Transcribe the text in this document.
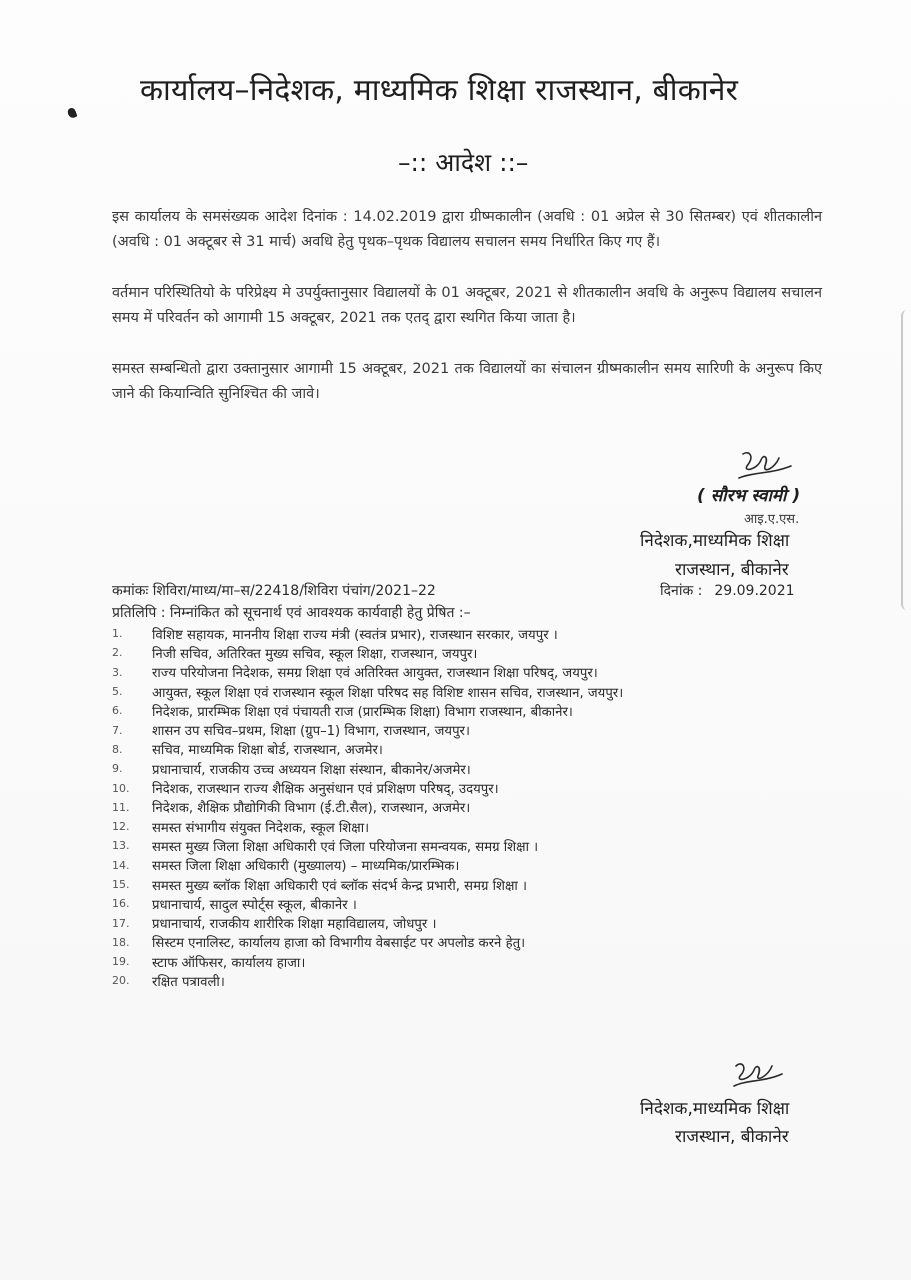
कार्यालय–निदेशक, माध्यमिक शिक्षा राजस्थान, बीकानेर
–:: आदेश ::–

इस कार्यालय के समसंख्यक आदेश दिनांक : 14.02.2019 द्वारा ग्रीष्मकालीन (अवधि : 01 अप्रेल से 30 सितम्बर) एवं शीतकालीन (अवधि : 01 अक्टूबर से 31 मार्च) अवधि हेतु पृथक–पृथक विद्यालय सचालन समय निर्धारित किए गए हैं।

वर्तमान परिस्थितियो के परिप्रेक्ष्य मे उपर्युक्तानुसार विद्यालयों के 01 अक्टूबर, 2021 से शीतकालीन अवधि के अनुरूप विद्यालय सचालन समय में परिवर्तन को आगामी 15 अक्टूबर, 2021 तक एतद् द्वारा स्थगित किया जाता है।

समस्त सम्बन्धितो द्वारा उक्तानुसार आगामी 15 अक्टूबर, 2021 तक विद्यालयों का संचालन ग्रीष्मकालीन समय सारिणी के अनुरूप किए जाने की कियान्विति सुनिश्चित की जावे।

( सौरभ स्वामी )
आइ.ए.एस.
निदेशक,माध्यमिक शिक्षा
राजस्थान, बीकानेर
कमांकः शिविरा/माध्य/मा–स/22418/शिविरा पंचांग/2021–22	दिनांक : 29.09.2021
प्रतिलिपि : निम्नांकित को सूचनार्थ एवं आवश्यक कार्यवाही हेतु प्रेषित :–
1.	विशिष्ट सहायक, माननीय शिक्षा राज्य मंत्री (स्वतंत्र प्रभार), राजस्थान सरकार, जयपुर ।
2.	निजी सचिव, अतिरिक्त मुख्य सचिव, स्कूल शिक्षा, राजस्थान, जयपुर।
3.	राज्य परियोजना निदेशक, समग्र शिक्षा एवं अतिरिक्त आयुक्त, राजस्थान शिक्षा परिषद्, जयपुर।
5.	आयुक्त, स्कूल शिक्षा एवं राजस्थान स्कूल शिक्षा परिषद सह विशिष्ट शासन सचिव, राजस्थान, जयपुर।
6.	निदेशक, प्रारम्भिक शिक्षा एवं पंचायती राज (प्रारम्भिक शिक्षा) विभाग राजस्थान, बीकानेर।
7.	शासन उप सचिव–प्रथम, शिक्षा (ग्रुप–1) विभाग, राजस्थान, जयपुर।
8.	सचिव, माध्यमिक शिक्षा बोर्ड, राजस्थान, अजमेर।
9.	प्रधानाचार्य, राजकीय उच्च अध्ययन शिक्षा संस्थान, बीकानेर/अजमेर।
10.	निदेशक, राजस्थान राज्य शैक्षिक अनुसंधान एवं प्रशिक्षण परिषद्, उदयपुर।
11.	निदेशक, शैक्षिक प्रौद्योगिकी विभाग (ई.टी.सैल), राजस्थान, अजमेर।
12.	समस्त संभागीय संयुक्त निदेशक, स्कूल शिक्षा।
13.	समस्त मुख्य जिला शिक्षा अधिकारी एवं जिला परियोजना समन्वयक, समग्र शिक्षा ।
14.	समस्त जिला शिक्षा अधिकारी (मुख्यालय) – माध्यमिक/प्रारम्भिक।
15.	समस्त मुख्य ब्लॉक शिक्षा अधिकारी एवं ब्लॉक संदर्भ केन्द्र प्रभारी, समग्र शिक्षा ।
16.	प्रधानाचार्य, सादुल स्पोर्ट्स स्कूल, बीकानेर ।
17.	प्रधानाचार्य, राजकीय शारीरिक शिक्षा महाविद्यालय, जोधपुर ।
18.	सिस्टम एनालिस्ट, कार्यालय हाजा को विभागीय वेबसाईट पर अपलोड करने हेतु।
19.	स्टाफ ऑफिसर, कार्यालय हाजा।
20.	रक्षित पत्रावली।
निदेशक,माध्यमिक शिक्षा
राजस्थान, बीकानेर
